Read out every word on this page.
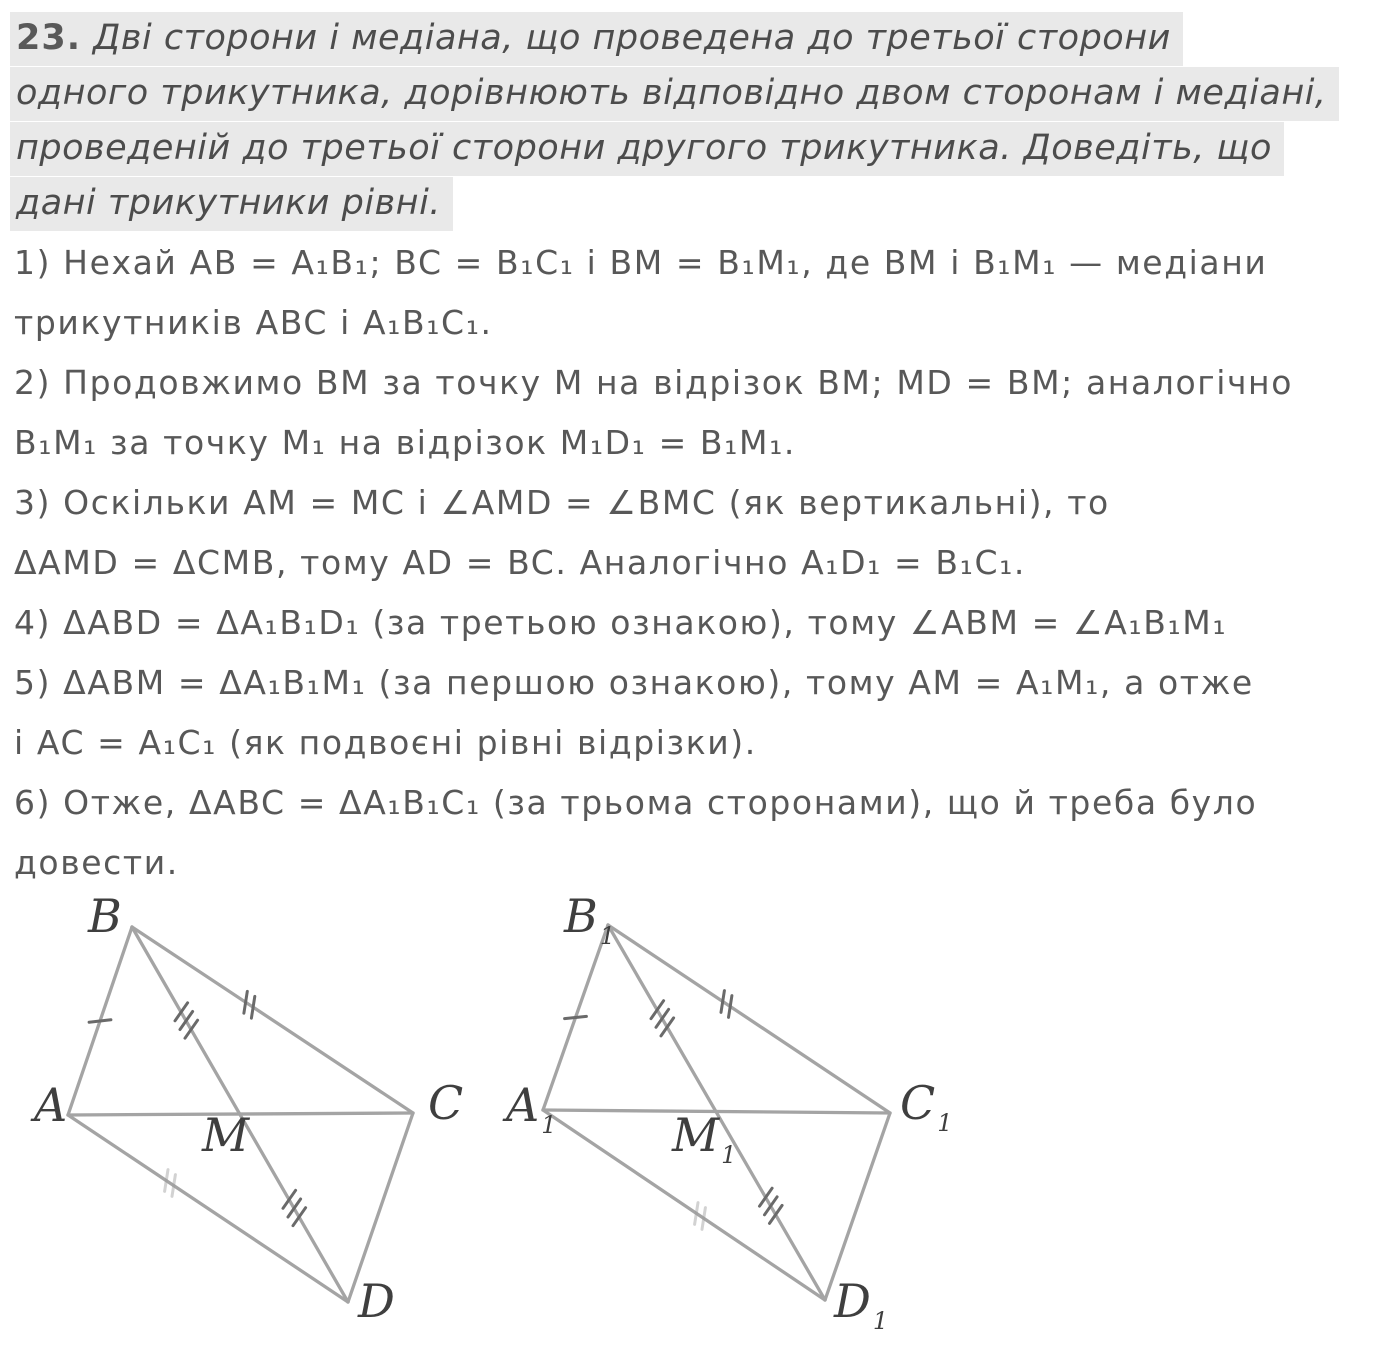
23. Дві сторони і медіана, що проведена до третьої сторони
одного трикутника, дорівнюють відповідно двом сторонам і медіані,
проведеній до третьої сторони другого трикутника. Доведіть, що
дані трикутники рівні.
1) Нехай AB = A₁B₁; BC = B₁C₁ і BM = B₁M₁, де BM і B₁M₁ — медіани
трикутників ABC і A₁B₁C₁.
2) Продовжимо BM за точку M на відрізок BM; MD = BM; аналогічно
B₁M₁ за точку M₁ на відрізок M₁D₁ = B₁M₁.
3) Оскільки AM = MC і ∠AMD = ∠BMC (як вертикальні), то
ΔAMD = ΔCMB, тому AD = BC. Аналогічно A₁D₁ = B₁C₁.
4) ΔABD = ΔA₁B₁D₁ (за третьою ознакою), тому ∠ABM = ∠A₁B₁M₁
5) ΔABM = ΔA₁B₁M₁ (за першою ознакою), тому AM = A₁M₁, а отже
і AC = A₁C₁ (як подвоєні рівні відрізки).
6) Отже, ΔABC = ΔA₁B₁C₁ (за трьома сторонами), що й треба було
довести.
B
A	C
M
D
$B_1$
$A_1$	$C_1$
$M_1$
$D_1$
